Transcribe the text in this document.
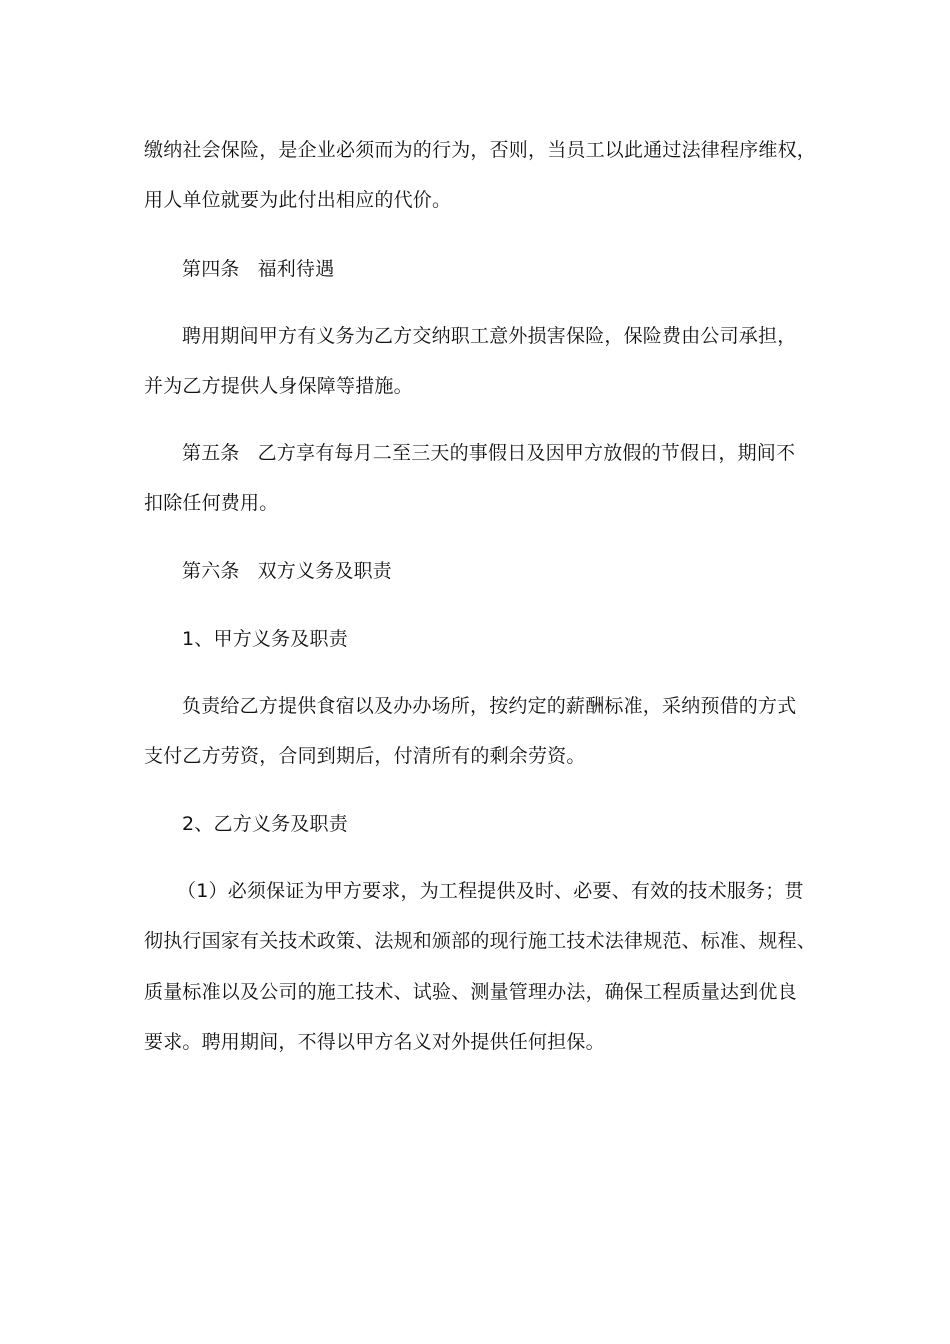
缴纳社会保险，是企业必须而为的行为，否则，当员工以此通过法律程序维权，
用人单位就要为此付出相应的代价。
第四条 福利待遇
聘用期间甲方有义务为乙方交纳职工意外损害保险，保险费由公司承担，
并为乙方提供人身保障等措施。
第五条 乙方享有每月二至三天的事假日及因甲方放假的节假日，期间不
扣除任何费用。
第六条 双方义务及职责
1、甲方义务及职责
负责给乙方提供食宿以及办办场所，按约定的薪酬标准，采纳预借的方式
支付乙方劳资，合同到期后，付清所有的剩余劳资。
2、乙方义务及职责
（1）必须保证为甲方要求，为工程提供及时、必要、有效的技术服务；贯
彻执行国家有关技术政策、法规和颁部的现行施工技术法律规范、标准、规程、
质量标准以及公司的施工技术、试验、测量管理办法，确保工程质量达到优良
要求。聘用期间，不得以甲方名义对外提供任何担保。
